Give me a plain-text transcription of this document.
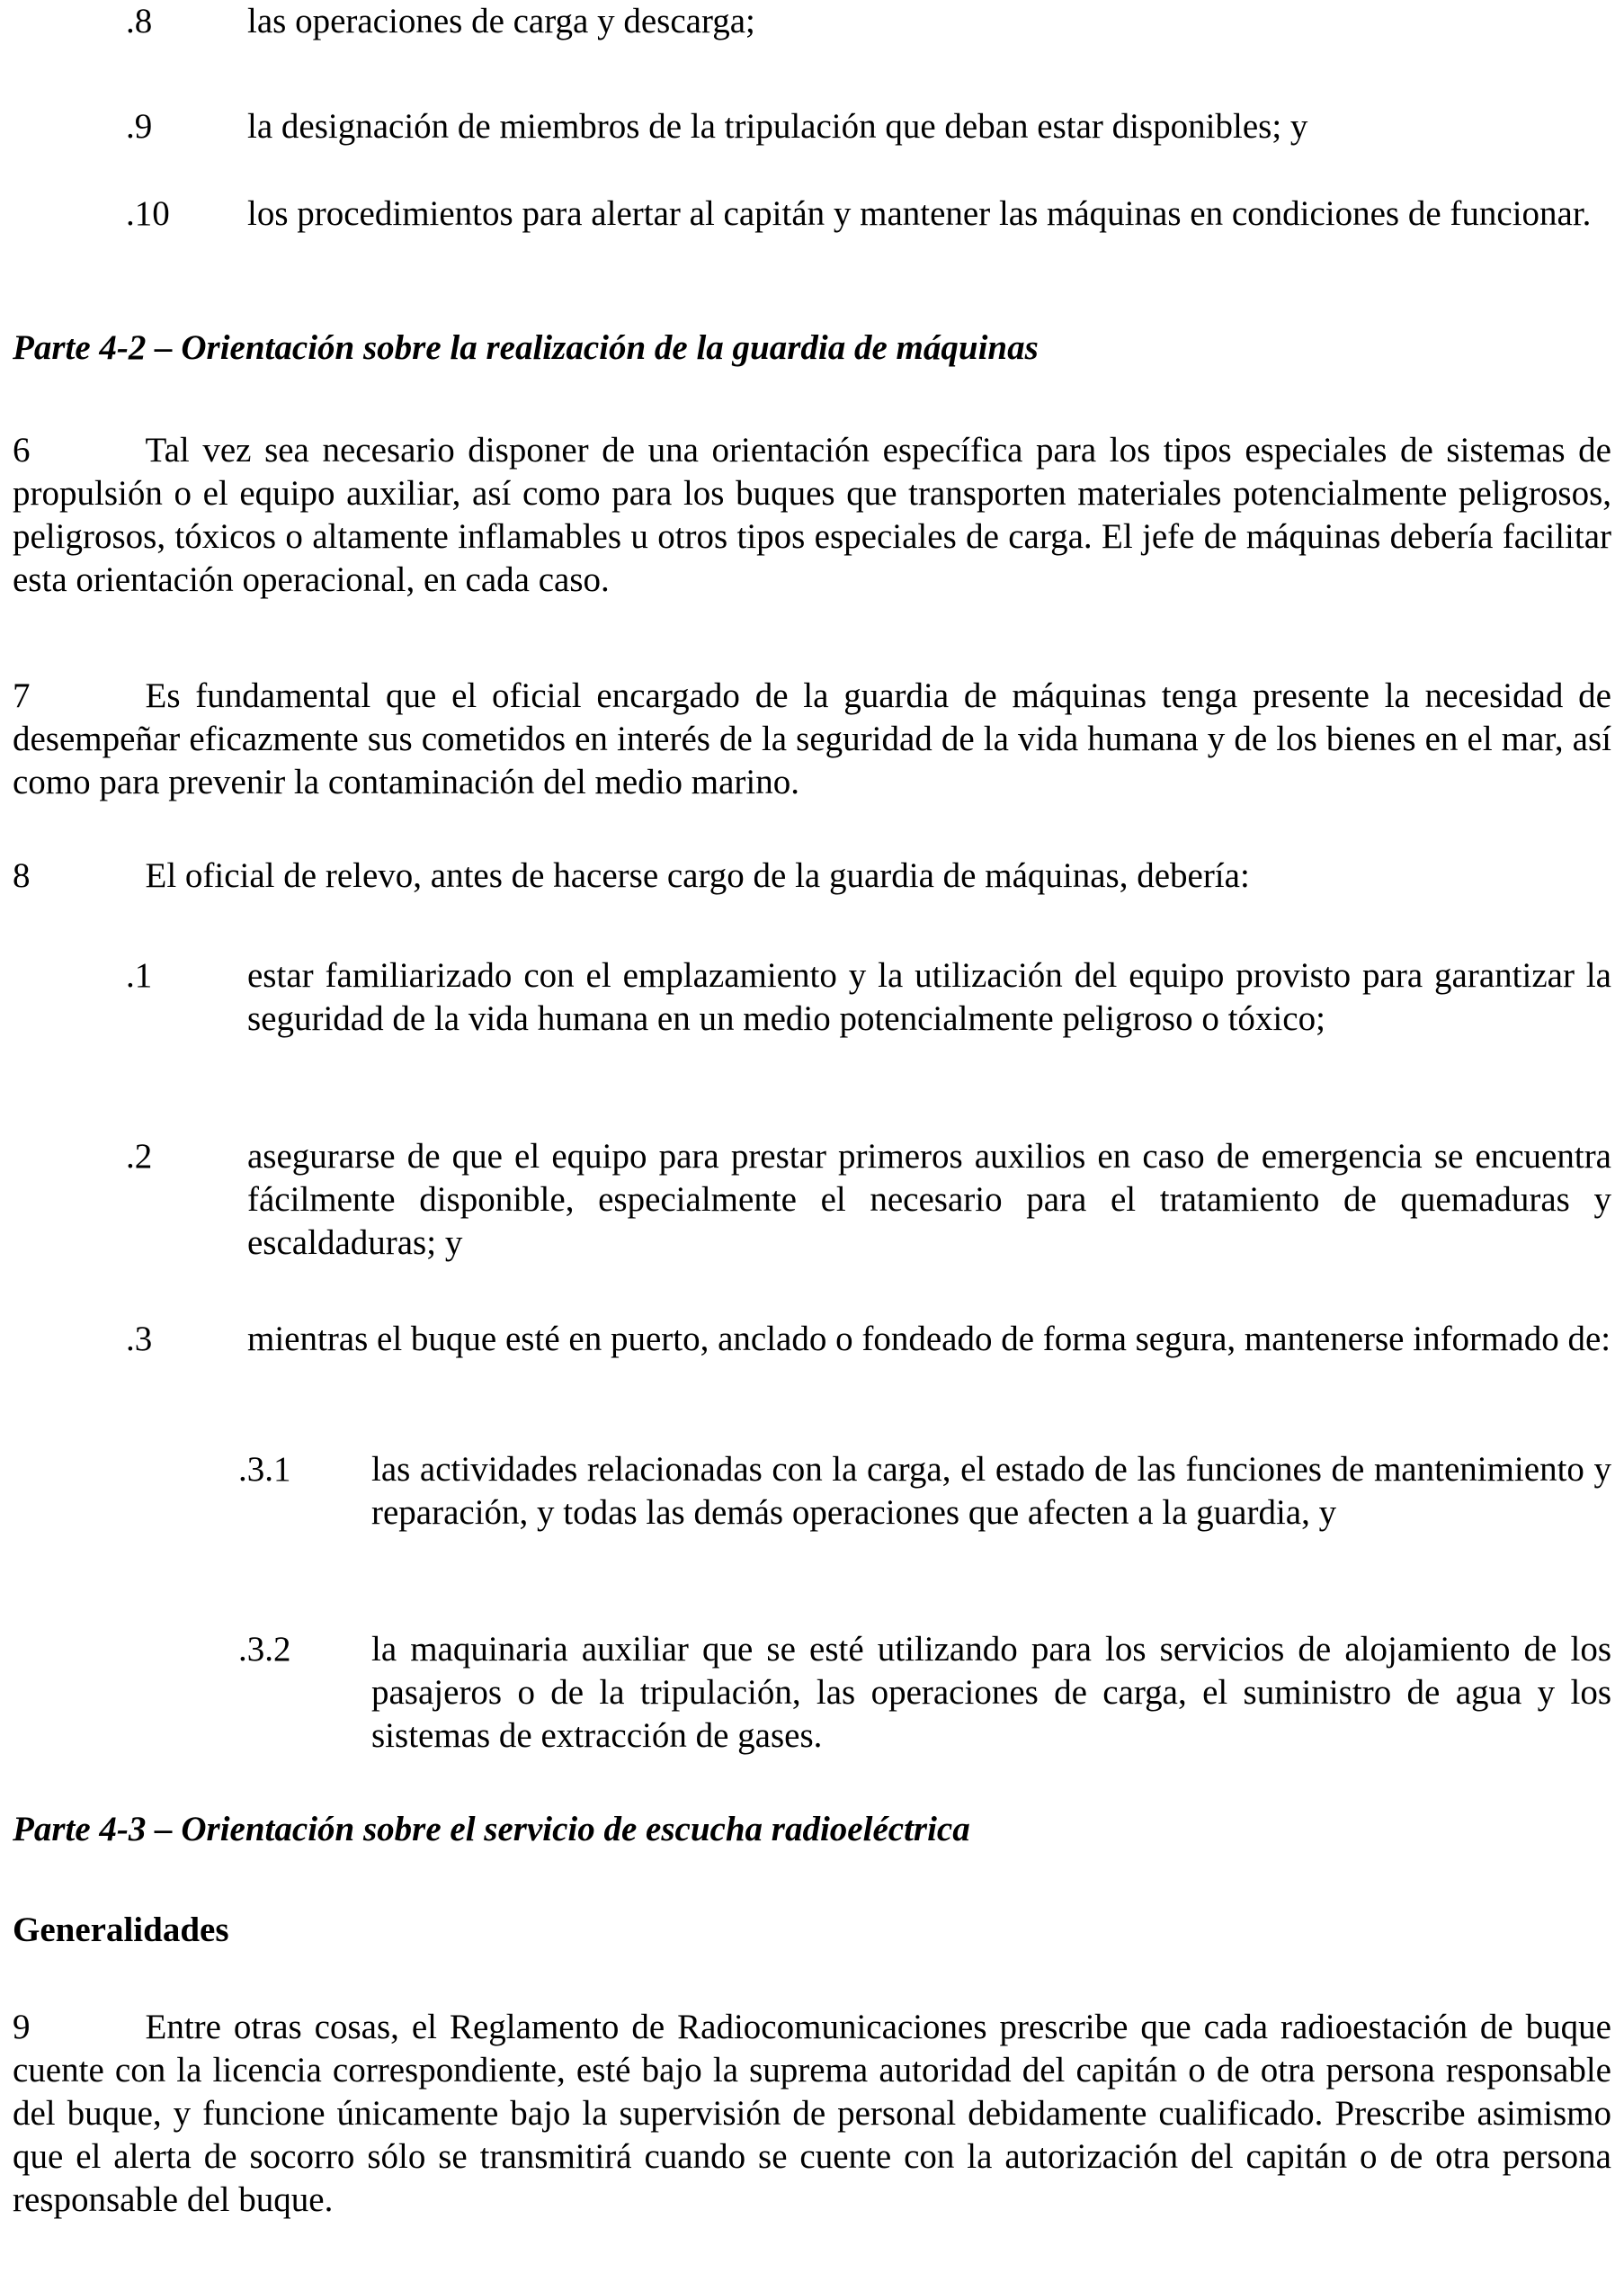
.8	las operaciones de carga y descarga;

.9	la designación de miembros de la tripulación que deban estar disponibles; y

.10 los procedimientos para alertar al capitán y mantener las máquinas en condiciones de funcionar.

Parte 4-2 – Orientación sobre la realización de la guardia de máquinas

6	Tal vez sea necesario disponer de una orientación específica para los tipos especiales de sistemas de propulsión o el equipo auxiliar, así como para los buques que transporten materiales potencialmente peligrosos, peligrosos, tóxicos o altamente inflamables u otros tipos especiales de carga. El jefe de máquinas debería facilitar esta orientación operacional, en cada caso.

7	Es fundamental que el oficial encargado de la guardia de máquinas tenga presente la necesidad de desempeñar eficazmente sus cometidos en interés de la seguridad de la vida humana y de los bienes en el mar, así como para prevenir la contaminación del medio marino.

8	El oficial de relevo, antes de hacerse cargo de la guardia de máquinas, debería:

.1	estar familiarizado con el emplazamiento y la utilización del equipo provisto para garantizar la seguridad de la vida humana en un medio potencialmente peligroso o tóxico;

.2	asegurarse de que el equipo para prestar primeros auxilios en caso de emergencia se encuentra fácilmente disponible, especialmente el necesario para el tratamiento de quemaduras y escaldaduras; y

.3	mientras el buque esté en puerto, anclado o fondeado de forma segura, mantenerse informado de:

.3.1 las actividades relacionadas con la carga, el estado de las funciones de mantenimiento y reparación, y todas las demás operaciones que afecten a la guardia, y

.3.2 la maquinaria auxiliar que se esté utilizando para los servicios de alojamiento de los pasajeros o de la tripulación, las operaciones de carga, el suministro de agua y los sistemas de extracción de gases.

Parte 4-3 – Orientación sobre el servicio de escucha radioeléctrica

Generalidades

9	Entre otras cosas, el Reglamento de Radiocomunicaciones prescribe que cada radioestación de buque cuente con la licencia correspondiente, esté bajo la suprema autoridad del capitán o de otra persona responsable del buque, y funcione únicamente bajo la supervisión de personal debidamente cualificado. Prescribe asimismo que el alerta de socorro sólo se transmitirá cuando se cuente con la autorización del capitán o de otra persona responsable del buque.
